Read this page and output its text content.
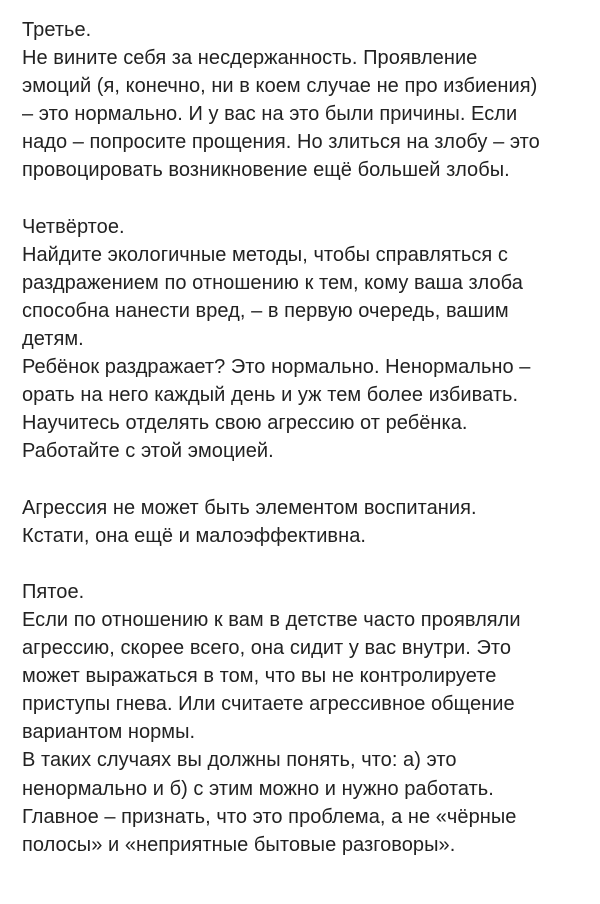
Третье.
Не вините себя за несдержанность. Проявление
эмоций (я, конечно, ни в коем случае не про избиения)
– это нормально. И у вас на это были причины. Если
надо – попросите прощения. Но злиться на злобу – это
провоцировать возникновение ещё большей злобы.
Четвёртое.
Найдите экологичные методы, чтобы справляться с
раздражением по отношению к тем, кому ваша злоба
способна нанести вред, – в первую очередь, вашим
детям.
Ребёнок раздражает? Это нормально. Ненормально –
орать на него каждый день и уж тем более избивать.
Научитесь отделять свою агрессию от ребёнка.
Работайте с этой эмоцией.
Агрессия не может быть элементом воспитания.
Кстати, она ещё и малоэффективна.
Пятое.
Если по отношению к вам в детстве часто проявляли
агрессию, скорее всего, она сидит у вас внутри. Это
может выражаться в том, что вы не контролируете
приступы гнева. Или считаете агрессивное общение
вариантом нормы.
В таких случаях вы должны понять, что: а) это
ненормально и б) с этим можно и нужно работать.
Главное – признать, что это проблема, а не «чёрные
полосы» и «неприятные бытовые разговоры».
